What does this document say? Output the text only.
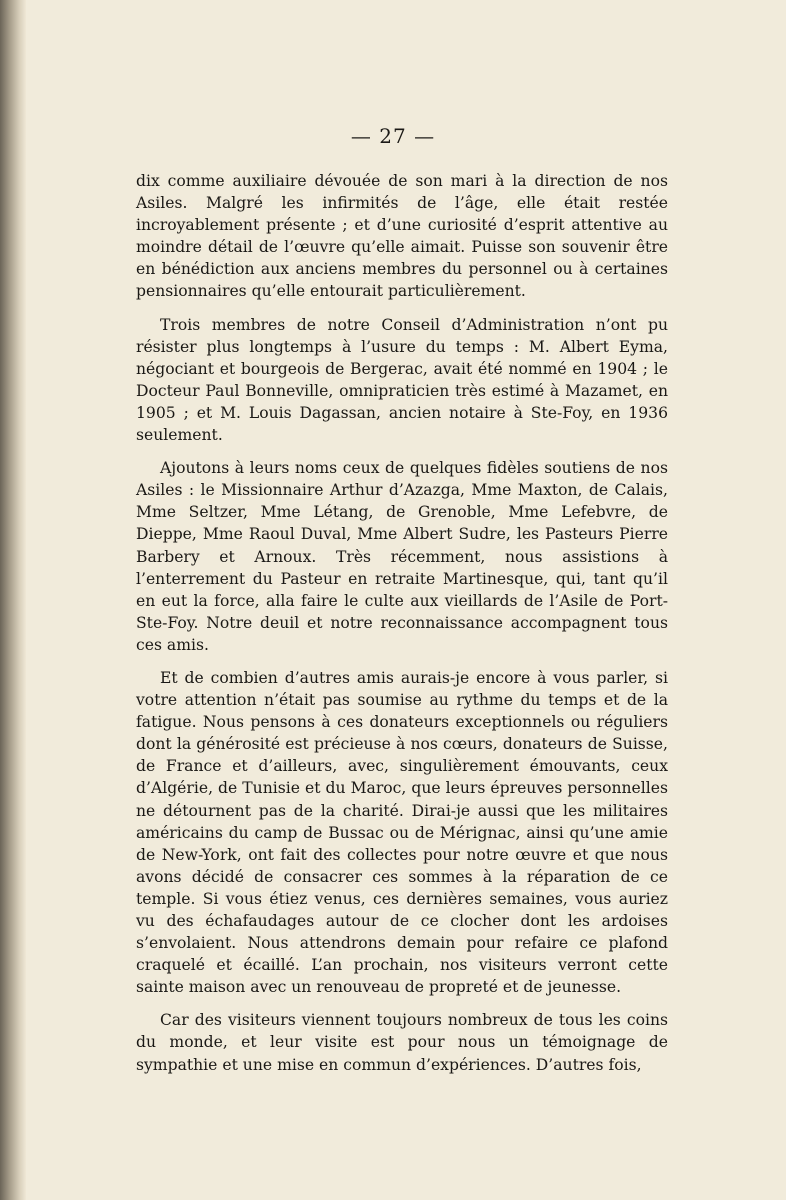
— 27 —

dix comme auxiliaire dévouée de son mari à la direction de nos Asiles. Malgré les infirmités de l’âge, elle était restée incroyablement présente ; et d’une curiosité d’esprit attentive au moindre détail de l’œuvre qu’elle aimait. Puisse son souvenir être en bénédiction aux anciens membres du personnel ou à certaines pensionnaires qu’elle entourait particulièrement.

Trois membres de notre Conseil d’Administration n’ont pu résister plus longtemps à l’usure du temps : M. Albert Eyma, négociant et bourgeois de Bergerac, avait été nommé en 1904 ; le Docteur Paul Bonneville, omnipraticien très estimé à Mazamet, en 1905 ; et M. Louis Dagassan, ancien notaire à Ste-Foy, en 1936 seulement.

Ajoutons à leurs noms ceux de quelques fidèles soutiens de nos Asiles : le Missionnaire Arthur d’Azazga, Mme Maxton, de Calais, Mme Seltzer, Mme Létang, de Grenoble, Mme Lefebvre, de Dieppe, Mme Raoul Duval, Mme Albert Sudre, les Pasteurs Pierre Barbery et Arnoux. Très récemment, nous assistions à l’enterrement du Pasteur en retraite Martinesque, qui, tant qu’il en eut la force, alla faire le culte aux vieillards de l’Asile de Port-Ste-Foy. Notre deuil et notre reconnaissance accompagnent tous ces amis.

Et de combien d’autres amis aurais-je encore à vous parler, si votre attention n’était pas soumise au rythme du temps et de la fatigue. Nous pensons à ces donateurs exceptionnels ou réguliers dont la générosité est précieuse à nos cœurs, donateurs de Suisse, de France et d’ailleurs, avec, singulièrement émouvants, ceux d’Algérie, de Tunisie et du Maroc, que leurs épreuves personnelles ne détournent pas de la charité. Dirai-je aussi que les militaires américains du camp de Bussac ou de Mérignac, ainsi qu’une amie de New-York, ont fait des collectes pour notre œuvre et que nous avons décidé de consacrer ces sommes à la réparation de ce temple. Si vous étiez venus, ces dernières semaines, vous auriez vu des échafaudages autour de ce clocher dont les ardoises s’envolaient. Nous attendrons demain pour refaire ce plafond craquelé et écaillé. L’an prochain, nos visiteurs verront cette sainte maison avec un renouveau de propreté et de jeunesse.

Car des visiteurs viennent toujours nombreux de tous les coins du monde, et leur visite est pour nous un témoignage de sympathie et une mise en commun d’expériences. D’autres fois,
